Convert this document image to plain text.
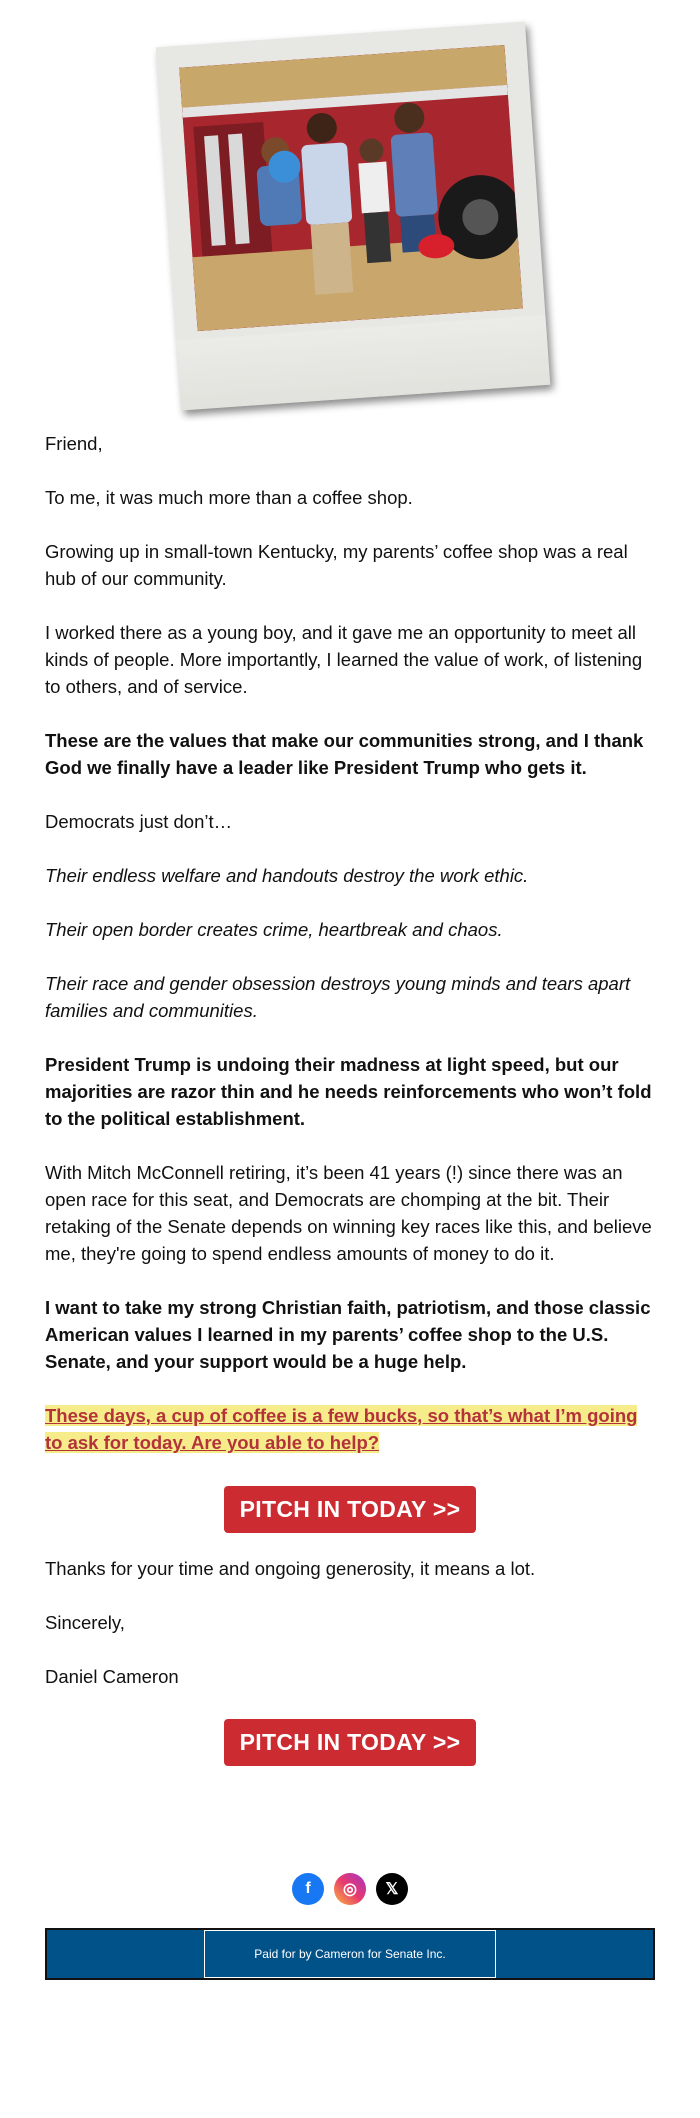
Friend,

To me, it was much more than a coffee shop.

Growing up in small-town Kentucky, my parents’ coffee shop was a real hub of our community.

I worked there as a young boy, and it gave me an opportunity to meet all kinds of people. More importantly, I learned the value of work, of listening to others, and of service.

These are the values that make our communities strong, and I thank God we finally have a leader like President Trump who gets it.

Democrats just don’t…

Their endless welfare and handouts destroy the work ethic.

Their open border creates crime, heartbreak and chaos.

Their race and gender obsession destroys young minds and tears apart families and communities.

President Trump is undoing their madness at light speed, but our majorities are razor thin and he needs reinforcements who won’t fold to the political establishment.

With Mitch McConnell retiring, it’s been 41 years (!) since there was an open race for this seat, and Democrats are chomping at the bit. Their retaking of the Senate depends on winning key races like this, and believe me, they're going to spend endless amounts of money to do it.

I want to take my strong Christian faith, patriotism, and those classic American values I learned in my parents’ coffee shop to the U.S. Senate, and your support would be a huge help.

These days, a cup of coffee is a few bucks, so that’s what I’m going to ask for today. Are you able to help?

PITCH IN TODAY >>

Thanks for your time and ongoing generosity, it means a lot.

Sincerely,

Daniel Cameron

PITCH IN TODAY >>
f	◎	𝕏
Paid for by Cameron for Senate Inc.
